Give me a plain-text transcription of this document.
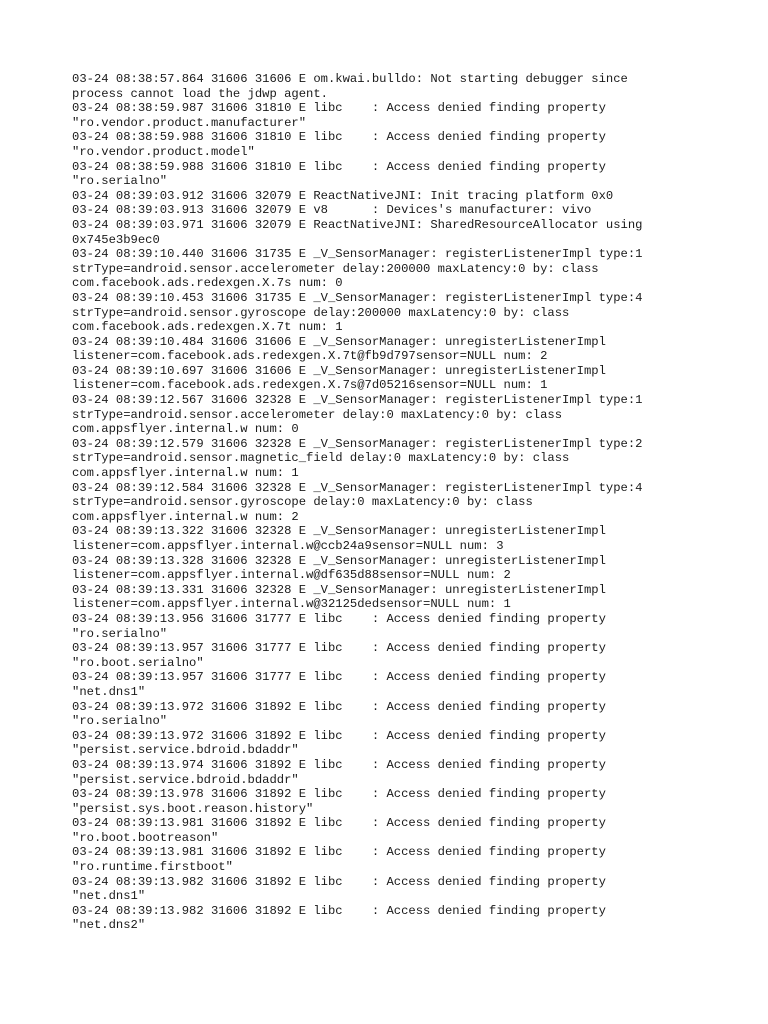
03-24 08:38:57.864 31606 31606 E om.kwai.bulldo: Not starting debugger since
process cannot load the jdwp agent.
03-24 08:38:59.987 31606 31810 E libc    : Access denied finding property
"ro.vendor.product.manufacturer"
03-24 08:38:59.988 31606 31810 E libc    : Access denied finding property
"ro.vendor.product.model"
03-24 08:38:59.988 31606 31810 E libc    : Access denied finding property
"ro.serialno"
03-24 08:39:03.912 31606 32079 E ReactNativeJNI: Init tracing platform 0x0
03-24 08:39:03.913 31606 32079 E v8      : Devices's manufacturer: vivo
03-24 08:39:03.971 31606 32079 E ReactNativeJNI: SharedResourceAllocator using
0x745e3b9ec0
03-24 08:39:10.440 31606 31735 E _V_SensorManager: registerListenerImpl type:1
strType=android.sensor.accelerometer delay:200000 maxLatency:0 by: class
com.facebook.ads.redexgen.X.7s num: 0
03-24 08:39:10.453 31606 31735 E _V_SensorManager: registerListenerImpl type:4
strType=android.sensor.gyroscope delay:200000 maxLatency:0 by: class
com.facebook.ads.redexgen.X.7t num: 1
03-24 08:39:10.484 31606 31606 E _V_SensorManager: unregisterListenerImpl
listener=com.facebook.ads.redexgen.X.7t@fb9d797sensor=NULL num: 2
03-24 08:39:10.697 31606 31606 E _V_SensorManager: unregisterListenerImpl
listener=com.facebook.ads.redexgen.X.7s@7d05216sensor=NULL num: 1
03-24 08:39:12.567 31606 32328 E _V_SensorManager: registerListenerImpl type:1
strType=android.sensor.accelerometer delay:0 maxLatency:0 by: class
com.appsflyer.internal.w num: 0
03-24 08:39:12.579 31606 32328 E _V_SensorManager: registerListenerImpl type:2
strType=android.sensor.magnetic_field delay:0 maxLatency:0 by: class
com.appsflyer.internal.w num: 1
03-24 08:39:12.584 31606 32328 E _V_SensorManager: registerListenerImpl type:4
strType=android.sensor.gyroscope delay:0 maxLatency:0 by: class
com.appsflyer.internal.w num: 2
03-24 08:39:13.322 31606 32328 E _V_SensorManager: unregisterListenerImpl
listener=com.appsflyer.internal.w@ccb24a9sensor=NULL num: 3
03-24 08:39:13.328 31606 32328 E _V_SensorManager: unregisterListenerImpl
listener=com.appsflyer.internal.w@df635d88sensor=NULL num: 2
03-24 08:39:13.331 31606 32328 E _V_SensorManager: unregisterListenerImpl
listener=com.appsflyer.internal.w@32125dedsensor=NULL num: 1
03-24 08:39:13.956 31606 31777 E libc    : Access denied finding property
"ro.serialno"
03-24 08:39:13.957 31606 31777 E libc    : Access denied finding property
"ro.boot.serialno"
03-24 08:39:13.957 31606 31777 E libc    : Access denied finding property
"net.dns1"
03-24 08:39:13.972 31606 31892 E libc    : Access denied finding property
"ro.serialno"
03-24 08:39:13.972 31606 31892 E libc    : Access denied finding property
"persist.service.bdroid.bdaddr"
03-24 08:39:13.974 31606 31892 E libc    : Access denied finding property
"persist.service.bdroid.bdaddr"
03-24 08:39:13.978 31606 31892 E libc    : Access denied finding property
"persist.sys.boot.reason.history"
03-24 08:39:13.981 31606 31892 E libc    : Access denied finding property
"ro.boot.bootreason"
03-24 08:39:13.981 31606 31892 E libc    : Access denied finding property
"ro.runtime.firstboot"
03-24 08:39:13.982 31606 31892 E libc    : Access denied finding property
"net.dns1"
03-24 08:39:13.982 31606 31892 E libc    : Access denied finding property
"net.dns2"
